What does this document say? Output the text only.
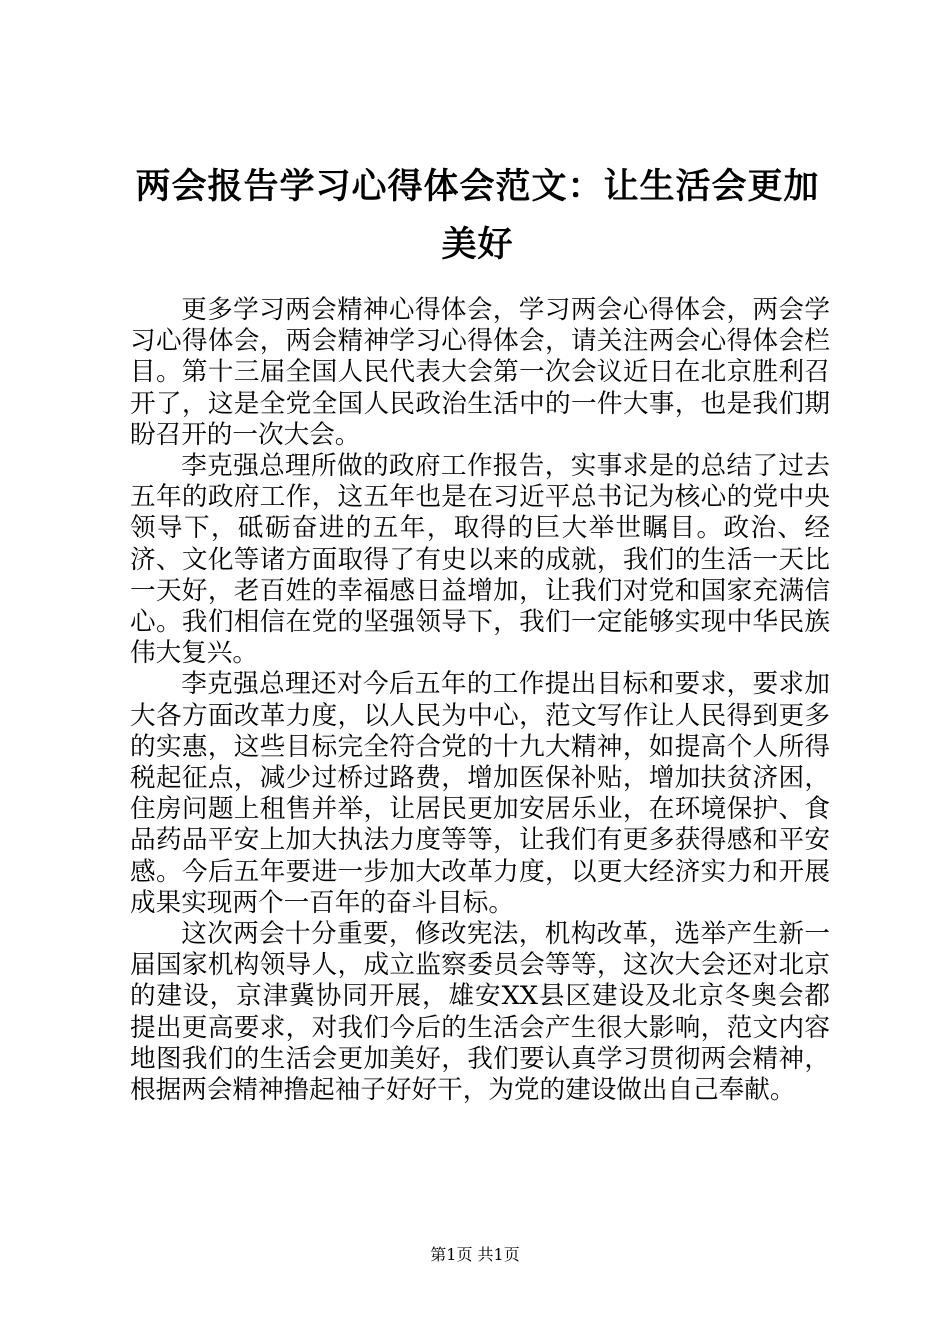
两会报告学习心得体会范文：让生活会更加美好

更多学习两会精神心得体会，学习两会心得体会，两会学习心得体会，两会精神学习心得体会，请关注两会心得体会栏目。第十三届全国人民代表大会第一次会议近日在北京胜利召开了，这是全党全国人民政治生活中的一件大事，也是我们期盼召开的一次大会。

李克强总理所做的政府工作报告，实事求是的总结了过去五年的政府工作，这五年也是在习近平总书记为核心的党中央领导下，砥砺奋进的五年，取得的巨大举世瞩目。政治、经济、文化等诸方面取得了有史以来的成就，我们的生活一天比一天好，老百姓的幸福感日益增加，让我们对党和国家充满信心。我们相信在党的坚强领导下，我们一定能够实现中华民族伟大复兴。

李克强总理还对今后五年的工作提出目标和要求，要求加大各方面改革力度，以人民为中心，范文写作让人民得到更多的实惠，这些目标完全符合党的十九大精神，如提高个人所得税起征点，减少过桥过路费，增加医保补贴，增加扶贫济困，住房问题上租售并举，让居民更加安居乐业，在环境保护、食品药品平安上加大执法力度等等，让我们有更多获得感和平安感。今后五年要进一步加大改革力度，以更大经济实力和开展成果实现两个一百年的奋斗目标。

这次两会十分重要，修改宪法，机构改革，选举产生新一届国家机构领导人，成立监察委员会等等，这次大会还对北京的建设，京津冀协同开展，雄安XX县区建设及北京冬奥会都提出更高要求，对我们今后的生活会产生很大影响，范文内容地图我们的生活会更加美好，我们要认真学习贯彻两会精神，根据两会精神撸起袖子好好干，为党的建设做出自己奉献。

第1页 共1页
